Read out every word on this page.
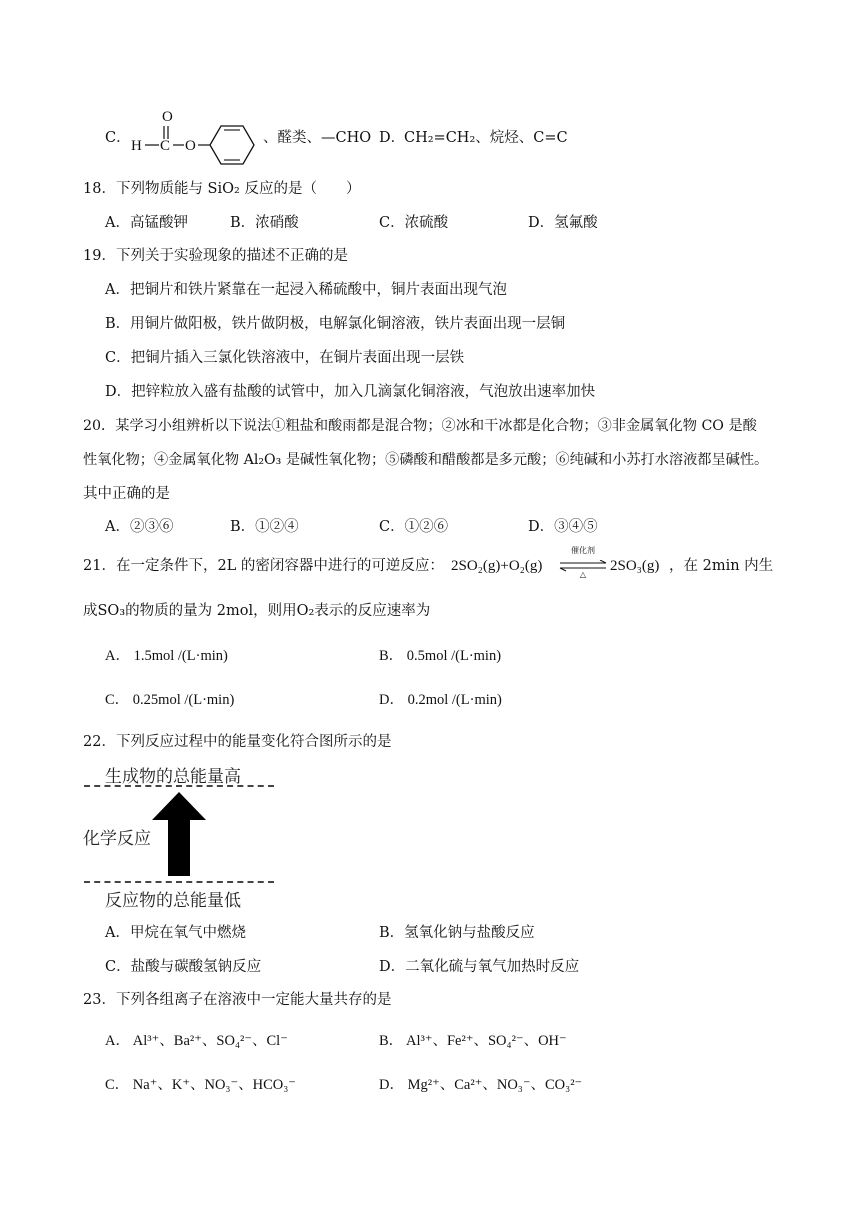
C．
O
H C O	、醛类、—CHO D．
CH₂=CH₂、烷烃、C=C
18．下列物质能与 SiO₂ 反应的是（　　）
A．高锰酸钾	B．浓硝酸	C．浓硫酸	D．氢氟酸
19．下列关于实验现象的描述不正确的是
A．把铜片和铁片紧靠在一起浸入稀硫酸中，铜片表面出现气泡
B．用铜片做阳极，铁片做阴极，电解氯化铜溶液，铁片表面出现一层铜
C．把铜片插入三氯化铁溶液中，在铜片表面出现一层铁
D．把锌粒放入盛有盐酸的试管中，加入几滴氯化铜溶液，气泡放出速率加快
20．某学习小组辨析以下说法①粗盐和酸雨都是混合物；②冰和干冰都是化合物；③非金属氧化物 CO 是酸
性氧化物；④金属氧化物 Al₂O₃ 是碱性氧化物；⑤磷酸和醋酸都是多元酸；⑥纯碱和小苏打水溶液都呈碱性。
其中正确的是
A．②③⑥	B．①②④	C．①②⑥	D．③④⑤
21．在一定条件下，2L 的密闭容器中进行的可逆反应： 2SO₂(g)+O₂(g)
催化剂
△
2SO₃(g) ，在 2min 内生
成SO₃的物质的量为 2mol，则用O₂表示的反应速率为
A． 1.5mol /(L·min)	B． 0.5mol /(L·min)
C． 0.25mol /(L·min)	D． 0.2mol /(L·min)
22．下列反应过程中的能量变化符合图所示的是
生成物的总能量高
化学反应
反应物的总能量低
A．甲烷在氧气中燃烧	B．氢氧化钠与盐酸反应
C．盐酸与碳酸氢钠反应	D．二氧化硫与氧气加热时反应
23．下列各组离子在溶液中一定能大量共存的是
A． Al³⁺、Ba²⁺、SO₄²⁻、Cl⁻	B． Al³⁺、Fe²⁺、SO₄²⁻、OH⁻
C． Na⁺、K⁺、NO₃⁻、HCO₃⁻	D． Mg²⁺、Ca²⁺、NO₃⁻、CO₃²⁻
